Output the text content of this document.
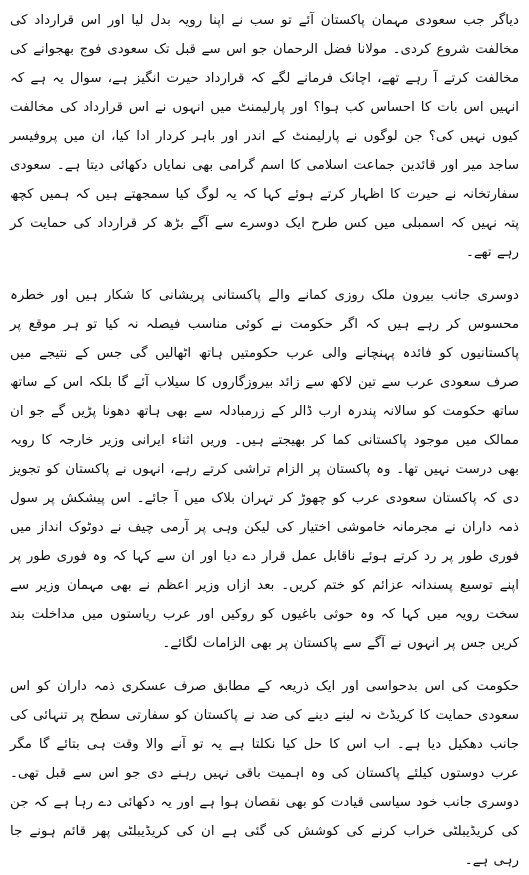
دیاگر جب سعودی مہمان پاکستان آئے تو سب نے اپنا رویہ بدل لیا اور اس قرارداد کی مخالفت شروع کردی۔ مولانا فضل الرحمان جو اس سے قبل تک سعودی فوج بھجوانے کی مخالفت کرتے آ رہے تھے، اچانک فرمانے لگے کہ قرارداد حیرت انگیز ہے، سوال یہ ہے کہ انہیں اس بات کا احساس کب ہوا؟ اور پارلیمنٹ میں انہوں نے اس قرارداد کی مخالفت کیوں نہیں کی؟ جن لوگوں نے پارلیمنٹ کے اندر اور باہر کردار ادا کیا، ان میں پروفیسر ساجد میر اور قائدین جماعت اسلامی کا اسم گرامی بھی نمایاں دکھائی دیتا ہے۔ سعودی سفارتخانہ نے حیرت کا اظہار کرتے ہوئے کہا کہ یہ لوگ کیا سمجھتے ہیں کہ ہمیں کچھ پتہ نہیں کہ اسمبلی میں کس طرح ایک دوسرے سے آگے بڑھ کر قرارداد کی حمایت کر رہے تھے۔

دوسری جانب بیرون ملک روزی کمانے والے پاکستانی پریشانی کا شکار ہیں اور خطرہ محسوس کر رہے ہیں کہ اگر حکومت نے کوئی مناسب فیصلہ نہ کیا تو ہر موقع پر پاکستانیوں کو فائدہ پہنچانے والی عرب حکومتیں ہاتھ اٹھالیں گی جس کے نتیجے میں صرف سعودی عرب سے تین لاکھ سے زائد بیروزگاروں کا سیلاب آئے گا بلکہ اس کے ساتھ ساتھ حکومت کو سالانہ پندرہ ارب ڈالر کے زرمبادلہ سے بھی ہاتھ دھونا پڑیں گے جو ان ممالک میں موجود پاکستانی کما کر بھیجتے ہیں۔ وریں اثناء ایرانی وزیر خارجہ کا رویہ بھی درست نہیں تھا۔ وہ پاکستان پر الزام تراشی کرتے رہے، انہوں نے پاکستان کو تجویز دی کہ پاکستان سعودی عرب کو چھوڑ کر تہران بلاک میں آ جائے۔ اس پیشکش پر سول ذمہ داران نے مجرمانہ خاموشی اختیار کی لیکن وہی پر آرمی چیف نے دوٹوک انداز میں فوری طور پر رد کرتے ہوئے ناقابل عمل قرار دے دیا اور ان سے کہا کہ وہ فوری طور پر اپنے توسیع پسندانہ عزائم کو ختم کریں۔ بعد ازاں وزیر اعظم نے بھی مہمان وزیر سے سخت رویہ میں کہا کہ وہ حوثی باغیوں کو روکیں اور عرب ریاستوں میں مداخلت بند کریں جس پر انہوں نے آگے سے پاکستان پر بھی الزامات لگائے۔

حکومت کی اس بدحواسی اور ایک ذریعہ کے مطابق صرف عسکری ذمہ داران کو اس سعودی حمایت کا کریڈٹ نہ لینے دینے کی ضد نے پاکستان کو سفارتی سطح پر تنہائی کی جانب دھکیل دیا ہے۔ اب اس کا حل کیا نکلتا ہے یہ تو آنے والا وقت ہی بتائے گا مگر عرب دوستوں کیلئے پاکستان کی وہ اہمیت باقی نہیں رہنے دی جو اس سے قبل تھی۔ دوسری جانب خود سیاسی قیادت کو بھی نقصان ہوا ہے اور یہ دکھائی دے رہا ہے کہ جن کی کریڈیبلٹی خراب کرنے کی کوشش کی گئی ہے ان کی کریڈیبلٹی پھر قائم ہونے جا رہی ہے۔
